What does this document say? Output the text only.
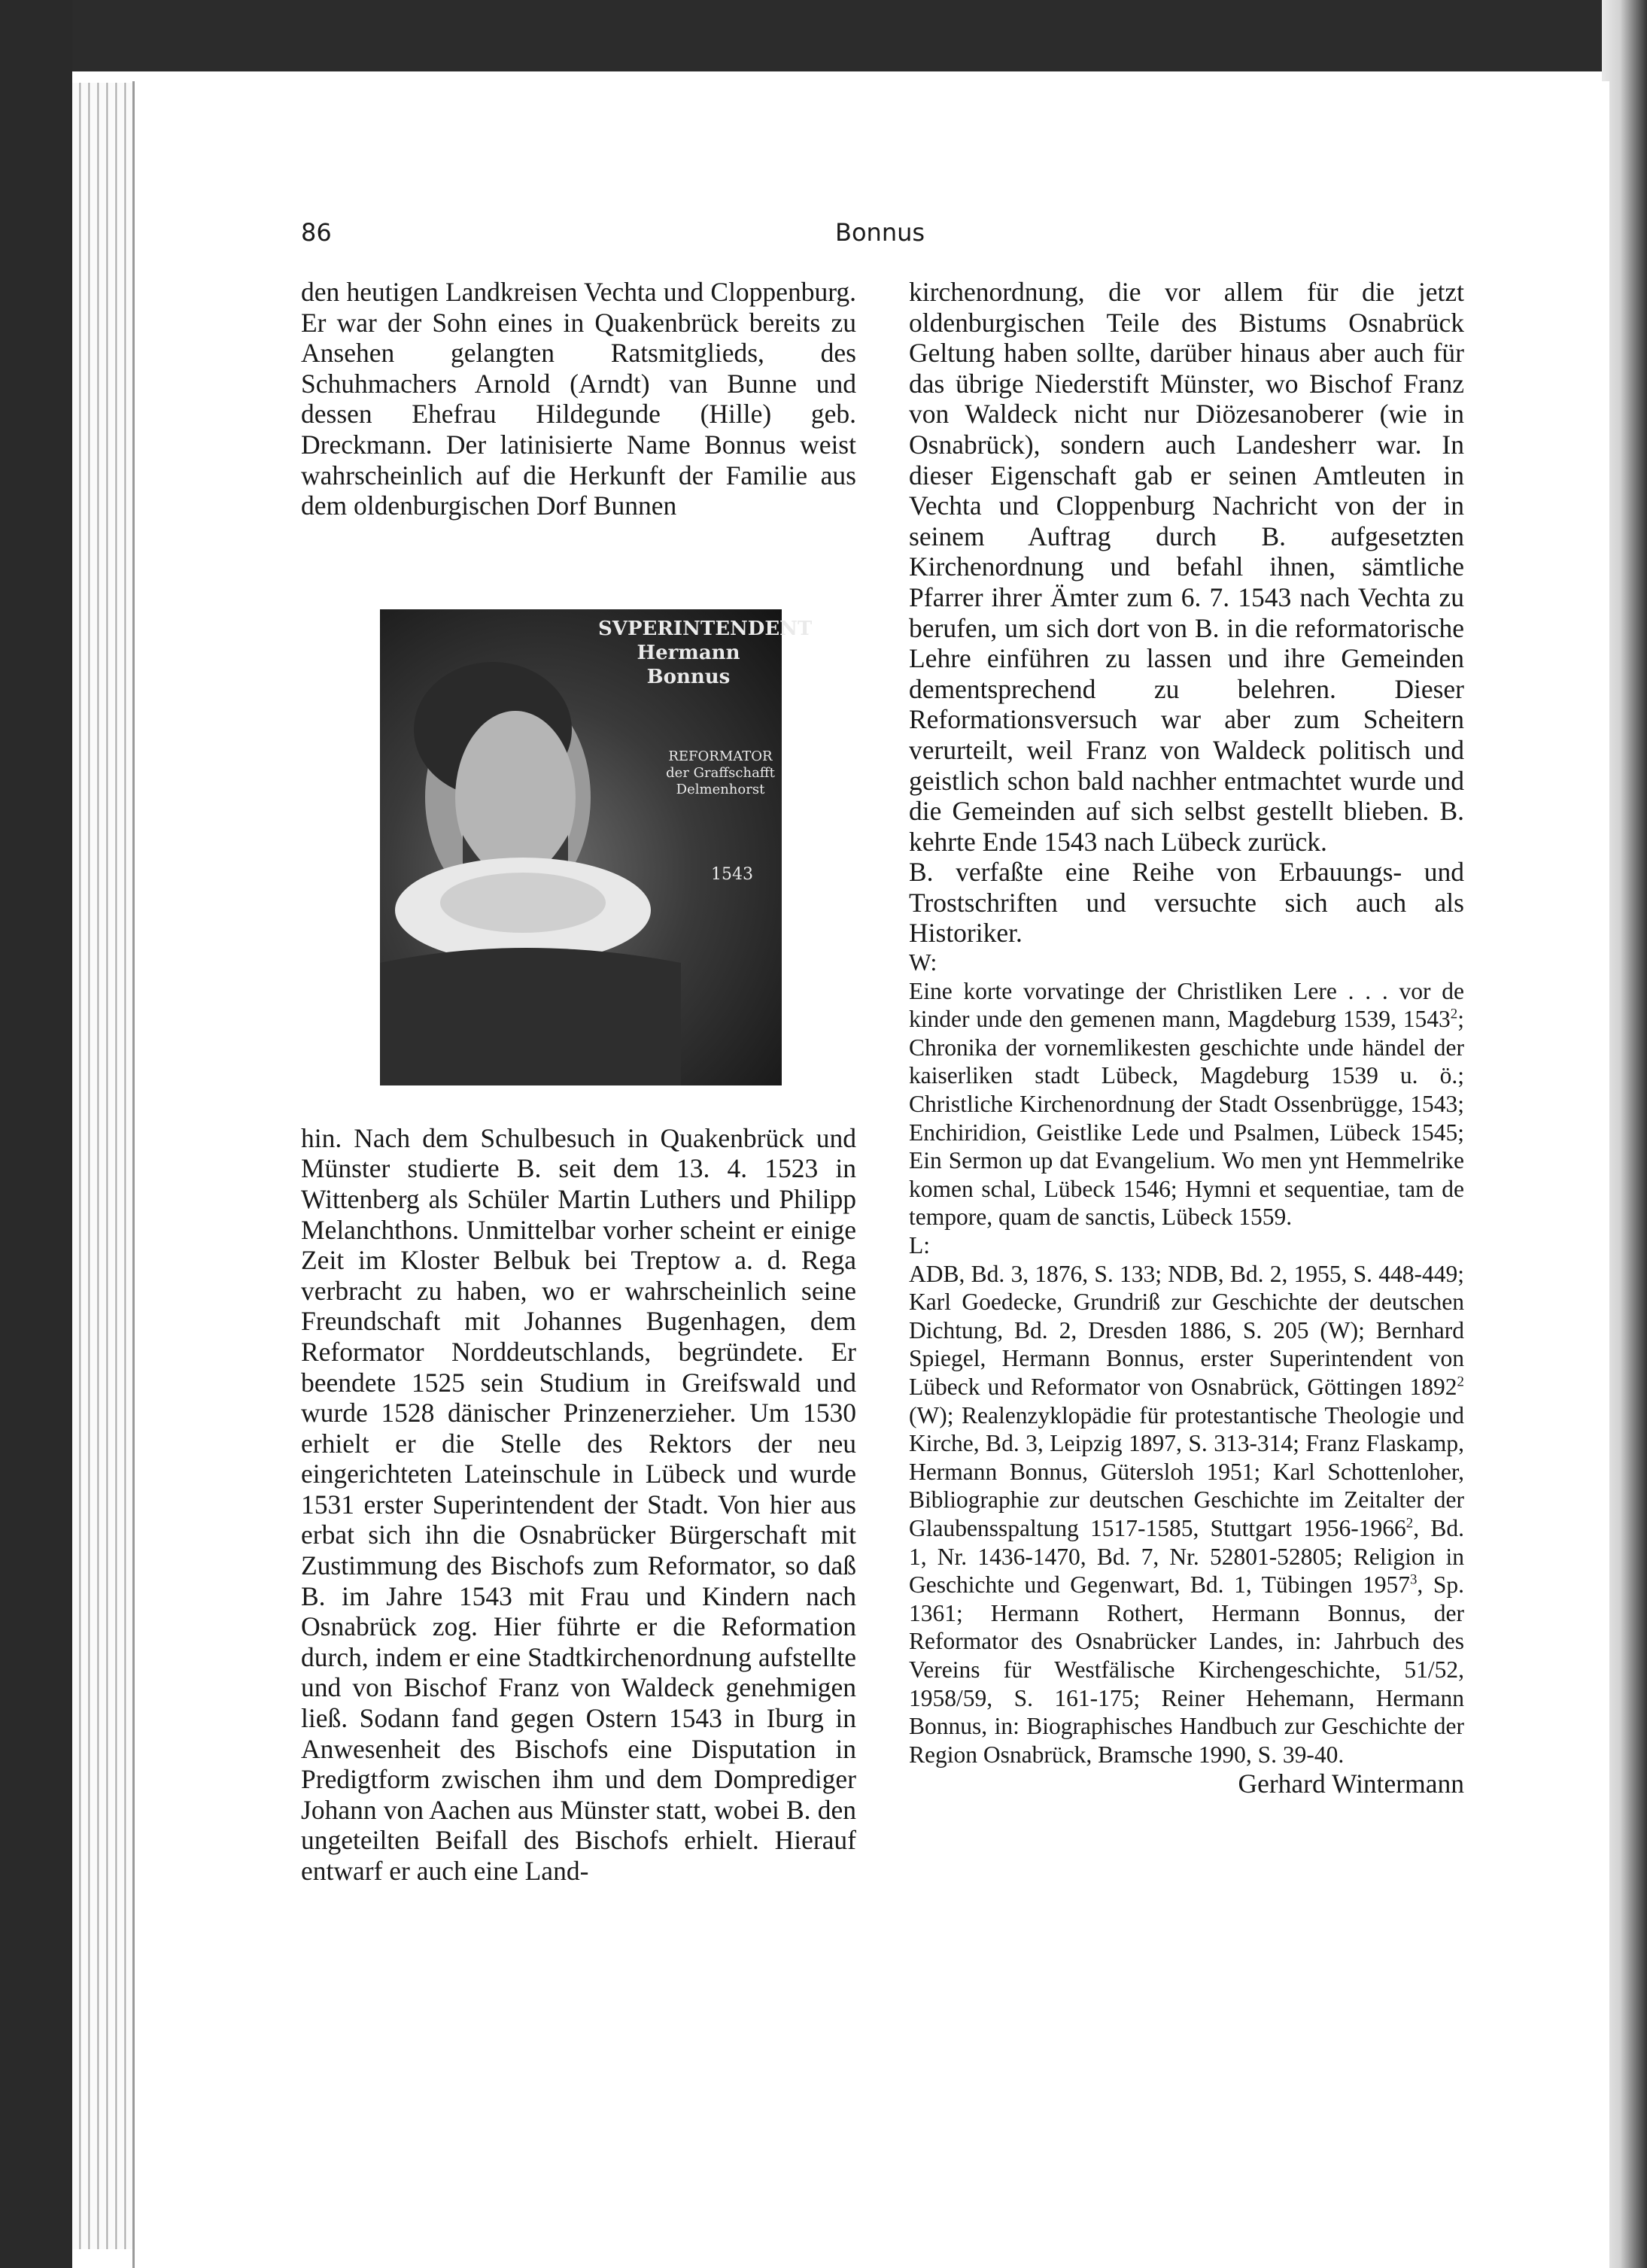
86	Bonnus

den heutigen Landkreisen Vechta und Cloppenburg. Er war der Sohn eines in Quakenbrück bereits zu Ansehen gelangten Ratsmitglieds, des Schuhmachers Arnold (Arndt) van Bunne und dessen Ehefrau Hildegunde (Hille) geb. Dreckmann. Der latinisierte Name Bonnus weist wahrscheinlich auf die Herkunft der Familie aus dem oldenburgischen Dorf Bunnen

hin. Nach dem Schulbesuch in Quakenbrück und Münster studierte B. seit dem 13. 4. 1523 in Wittenberg als Schüler Martin Luthers und Philipp Melanchthons. Unmittelbar vorher scheint er einige Zeit im Kloster Belbuk bei Treptow a. d. Rega verbracht zu haben, wo er wahrscheinlich seine Freundschaft mit Johannes Bugenhagen, dem Reformator Norddeutschlands, begründete. Er beendete 1525 sein Studium in Greifswald und wurde 1528 dänischer Prinzenerzieher. Um 1530 erhielt er die Stelle des Rektors der neu eingerichteten Lateinschule in Lübeck und wurde 1531 erster Superintendent der Stadt. Von hier aus erbat sich ihn die Osnabrücker Bürgerschaft mit Zustimmung des Bischofs zum Reformator, so daß B. im Jahre 1543 mit Frau und Kindern nach Osnabrück zog. Hier führte er die Reformation durch, indem er eine Stadtkirchenordnung aufstellte und von Bischof Franz von Waldeck genehmigen ließ. Sodann fand gegen Ostern 1543 in Iburg in Anwesenheit des Bischofs eine Disputation in Predigtform zwischen ihm und dem Domprediger Johann von Aachen aus Münster statt, wobei B. den ungeteilten Beifall des Bischofs erhielt. Hierauf entwarf er auch eine Land-

SVPERINTENDENT Hermann Bonnus
REFORMATOR der Graffschafft Delmenhorst
1543

kirchenordnung, die vor allem für die jetzt oldenburgischen Teile des Bistums Osnabrück Geltung haben sollte, darüber hinaus aber auch für das übrige Niederstift Münster, wo Bischof Franz von Waldeck nicht nur Diözesanoberer (wie in Osnabrück), sondern auch Landesherr war. In dieser Eigenschaft gab er seinen Amtleuten in Vechta und Cloppenburg Nachricht von der in seinem Auftrag durch B. aufgesetzten Kirchenordnung und befahl ihnen, sämtliche Pfarrer ihrer Ämter zum 6. 7. 1543 nach Vechta zu berufen, um sich dort von B. in die reformatorische Lehre einführen zu lassen und ihre Gemeinden dementsprechend zu belehren. Dieser Reformationsversuch war aber zum Scheitern verurteilt, weil Franz von Waldeck politisch und geistlich schon bald nachher entmachtet wurde und die Gemeinden auf sich selbst gestellt blieben. B. kehrte Ende 1543 nach Lübeck zurück.

B. verfaßte eine Reihe von Erbauungs- und Trostschriften und versuchte sich auch als Historiker.

W:

Eine korte vorvatinge der Christliken Lere . . . vor de kinder unde den gemenen mann, Magdeburg 1539, 1543$^2$; Chronika der vornemlikesten geschichte unde händel der kaiserliken stadt Lübeck, Magdeburg 1539 u. ö.; Christliche Kirchenordnung der Stadt Ossenbrügge, 1543; Enchiridion, Geistlike Lede und Psalmen, Lübeck 1545; Ein Sermon up dat Evangelium. Wo men ynt Hemmelrike komen schal, Lübeck 1546; Hymni et sequentiae, tam de tempore, quam de sanctis, Lübeck 1559.

L:

ADB, Bd. 3, 1876, S. 133; NDB, Bd. 2, 1955, S. 448-449; Karl Goedecke, Grundriß zur Geschichte der deutschen Dichtung, Bd. 2, Dresden 1886, S. 205 (W); Bernhard Spiegel, Hermann Bonnus, erster Superintendent von Lübeck und Reformator von Osnabrück, Göttingen 1892$^2$ (W); Realenzyklopädie für protestantische Theologie und Kirche, Bd. 3, Leipzig 1897, S. 313-314; Franz Flaskamp, Hermann Bonnus, Gütersloh 1951; Karl Schottenloher, Bibliographie zur deutschen Geschichte im Zeitalter der Glaubensspaltung 1517-1585, Stuttgart 1956-1966$^2$, Bd. 1, Nr. 1436-1470, Bd. 7, Nr. 52801-52805; Religion in Geschichte und Gegenwart, Bd. 1, Tübingen 1957$^3$, Sp. 1361; Hermann Rothert, Hermann Bonnus, der Reformator des Osnabrücker Landes, in: Jahrbuch des Vereins für Westfälische Kirchengeschichte, 51/52, 1958/59, S. 161-175; Reiner Hehemann, Hermann Bonnus, in: Biographisches Handbuch zur Geschichte der Region Osnabrück, Bramsche 1990, S. 39-40.

Gerhard Wintermann
